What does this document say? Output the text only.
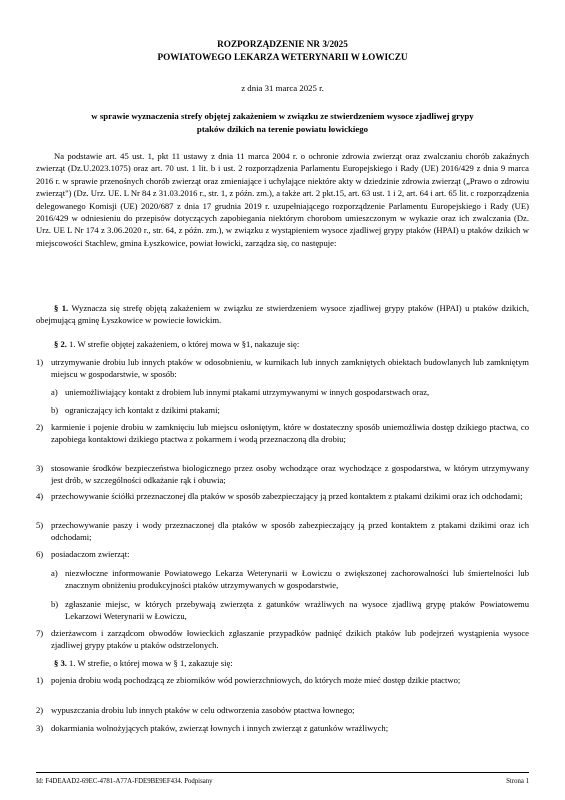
ROZPORZĄDZENIE NR 3/2025
POWIATOWEGO LEKARZA WETERYNARII W ŁOWICZU
z dnia 31 marca 2025 r.
w sprawie wyznaczenia strefy objętej zakażeniem w związku ze stwierdzeniem wysoce zjadliwej grypy
ptaków dzikich na terenie powiatu łowickiego
Na podstawie art. 45 ust. 1, pkt 11 ustawy z dnia 11 marca 2004 r. o ochronie zdrowia zwierząt oraz zwalczaniu chorób zakaźnych zwierząt (Dz.U.2023.1075) oraz art. 70 ust. 1 lit. b i ust. 2 rozporządzenia Parlamentu Europejskiego i Rady (UE) 2016/429 z dnia 9 marca 2016 r. w sprawie przenośnych chorób zwierząt oraz zmieniające i uchylające niektóre akty w dziedzinie zdrowia zwierząt („Prawo o zdrowiu zwierząt") (Dz. Urz. UE. L Nr 84 z 31.03.2016 r., str. 1, z późn. zm.), a także art. 2 pkt.15, art. 63 ust. 1 i 2, art. 64 i art. 65 lit. c rozporządzenia delegowanego Komisji (UE) 2020/687 z dnia 17 grudnia 2019 r. uzupełniającego rozporządzenie Parlamentu Europejskiego i Rady (UE) 2016/429 w odniesieniu do przepisów dotyczących zapobiegania niektórym chorobom umieszczonym w wykazie oraz ich zwalczania (Dz. Urz. UE L Nr 174 z 3.06.2020 r., str. 64, z późn. zm.), w związku z wystąpieniem wysoce zjadliwej grypy ptaków (HPAI) u ptaków dzikich w miejscowości Stachlew, gmina Łyszkowice, powiat łowicki, zarządza się, co następuje:
§ 1. Wyznacza się strefę objętą zakażeniem w związku ze stwierdzeniem wysoce zjadliwej grypy ptaków (HPAI) u ptaków dzikich, obejmującą gminę Łyszkowice w powiecie łowickim.
§ 2. 1. W strefie objętej zakażeniem, o której mowa w §1, nakazuje się:
1) utrzymywanie drobiu lub innych ptaków w odosobnieniu, w kurnikach lub innych zamkniętych obiektach budowlanych lub zamkniętym miejscu w gospodarstwie, w sposób:
a) uniemożliwiający kontakt z drobiem lub innymi ptakami utrzymywanymi w innych gospodarstwach oraz,
b) ograniczający ich kontakt z dzikimi ptakami;
2) karmienie i pojenie drobiu w zamknięciu lub miejscu osłoniętym, które w dostateczny sposób uniemożliwia dostęp dzikiego ptactwa, co zapobiega kontaktowi dzikiego ptactwa z pokarmem i wodą przeznaczoną dla drobiu;
3) stosowanie środków bezpieczeństwa biologicznego przez osoby wchodzące oraz wychodzące z gospodarstwa, w którym utrzymywany jest drób, w szczególności odkażanie rąk i obuwia;
4) przechowywanie ściółki przeznaczonej dla ptaków w sposób zabezpieczający ją przed kontaktem z ptakami dzikimi oraz ich odchodami;
5) przechowywanie paszy i wody przeznaczonej dla ptaków w sposób zabezpieczający ją przed kontaktem z ptakami dzikimi oraz ich odchodami;
6) posiadaczom zwierząt:
a) niezwłoczne informowanie Powiatowego Lekarza Weterynarii w Łowiczu o zwiększonej zachorowalności lub śmiertelności lub znacznym obniżeniu produkcyjności ptaków utrzymywanych w gospodarstwie,
b) zgłaszanie miejsc, w których przebywają zwierzęta z gatunków wrażliwych na wysoce zjadliwą grypę ptaków Powiatowemu Lekarzowi Weterynarii w Łowiczu,
7) dzierżawcom i zarządcom obwodów łowieckich zgłaszanie przypadków padnięć dzikich ptaków lub podejrzeń wystąpienia wysoce zjadliwej grypy ptaków u ptaków odstrzelonych.
§ 3. 1. W strefie, o której mowa w § 1, zakazuje się:
1) pojenia drobiu wodą pochodzącą ze zbiorników wód powierzchniowych, do których może mieć dostęp dzikie ptactwo;
2) wypuszczania drobiu lub innych ptaków w celu odtworzenia zasobów ptactwa łownego;
3) dokarmiania wolnożyjących ptaków, zwierząt łownych i innych zwierząt z gatunków wrażliwych;
Id: F4DEAAD2-69EC-4781-A77A-FDE9BE9EF434. Podpisany	Strona 1
